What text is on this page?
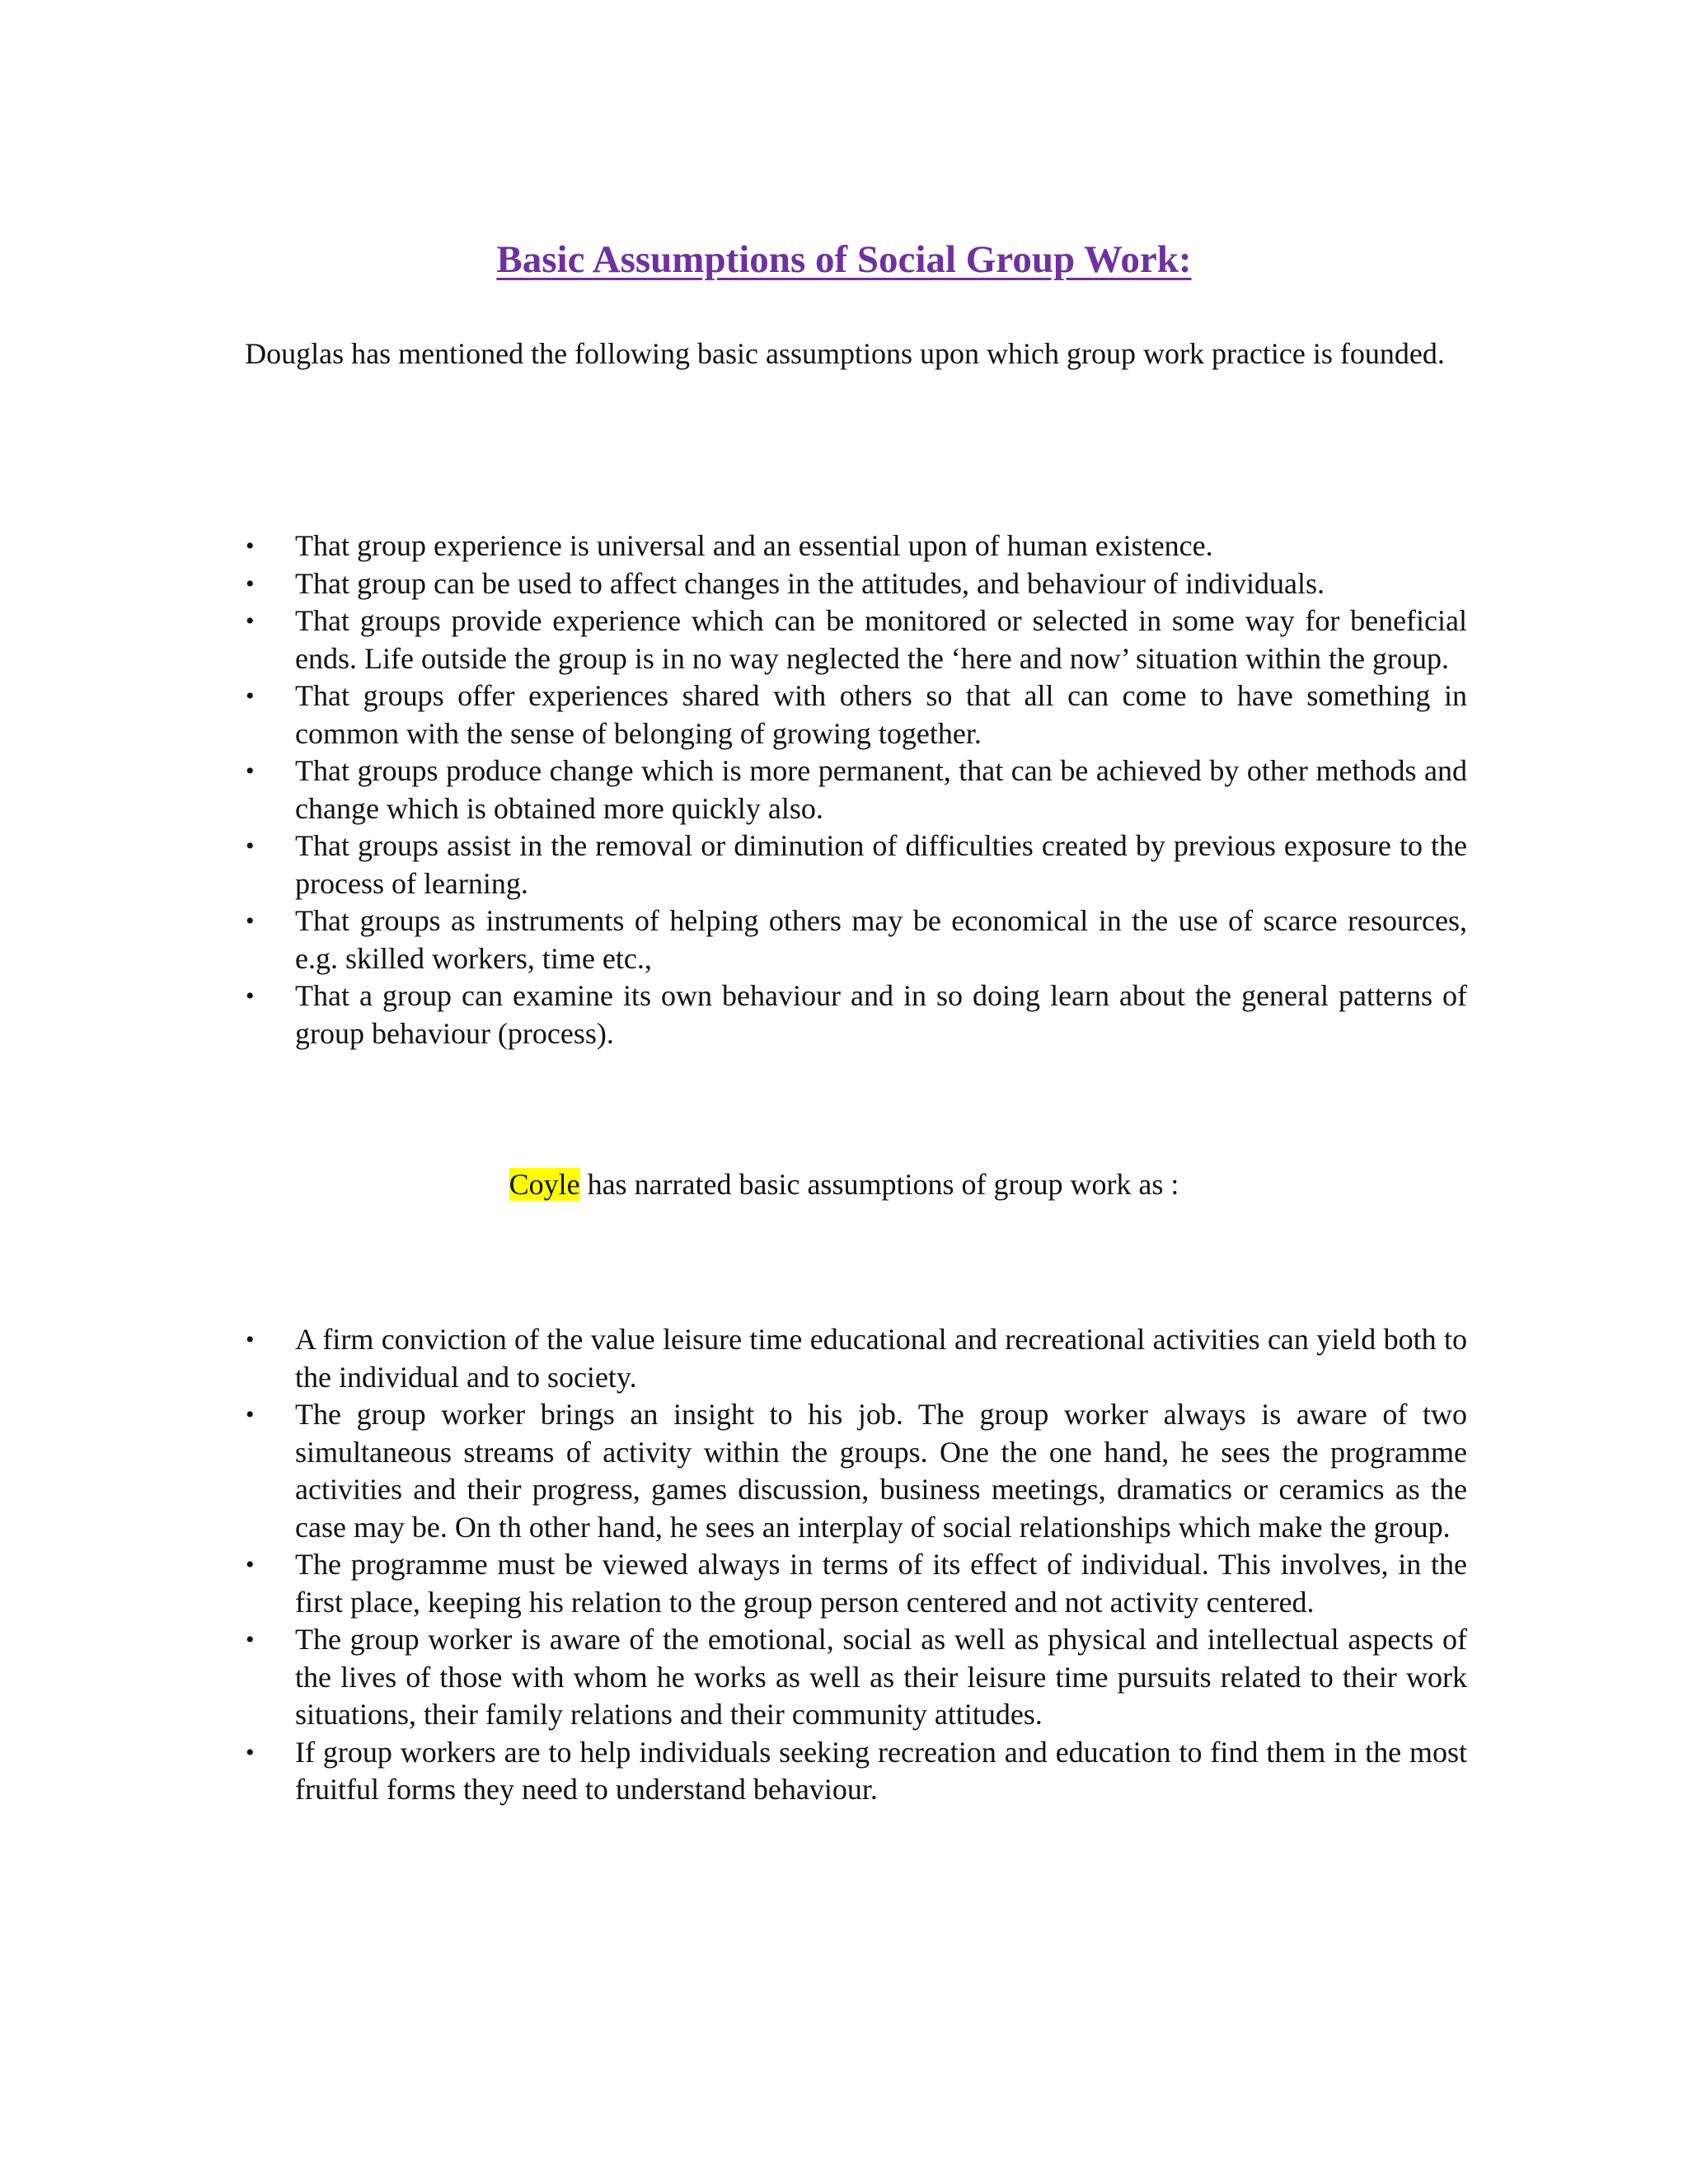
Basic Assumptions of Social Group Work:
Douglas has mentioned the following basic assumptions upon which group work practice is founded.
• That group experience is universal and an essential upon of human existence.
• That group can be used to affect changes in the attitudes, and behaviour of individuals.
• That groups provide experience which can be monitored or selected in some way for beneficial ends. Life outside the group is in no way neglected the ‘here and now’ situation within the group.
• That groups offer experiences shared with others so that all can come to have something in common with the sense of belonging of growing together.
• That groups produce change which is more permanent, that can be achieved by other methods and change which is obtained more quickly also.
• That groups assist in the removal or diminution of difficulties created by previous exposure to the process of learning.
• That groups as instruments of helping others may be economical in the use of scarce resources, e.g. skilled workers, time etc.,
• That a group can examine its own behaviour and in so doing learn about the general patterns of group behaviour (process).
Coyle has narrated basic assumptions of group work as :
• A firm conviction of the value leisure time educational and recreational activities can yield both to the individual and to society.
• The group worker brings an insight to his job. The group worker always is aware of two simultaneous streams of activity within the groups. One the one hand, he sees the programme activities and their progress, games discussion, business meetings, dramatics or ceramics as the case may be. On th other hand, he sees an interplay of social relationships which make the group.
• The programme must be viewed always in terms of its effect of individual. This involves, in the first place, keeping his relation to the group person centered and not activity centered.
• The group worker is aware of the emotional, social as well as physical and intellectual aspects of the lives of those with whom he works as well as their leisure time pursuits related to their work situations, their family relations and their community attitudes.
• If group workers are to help individuals seeking recreation and education to find them in the most fruitful forms they need to understand behaviour.
